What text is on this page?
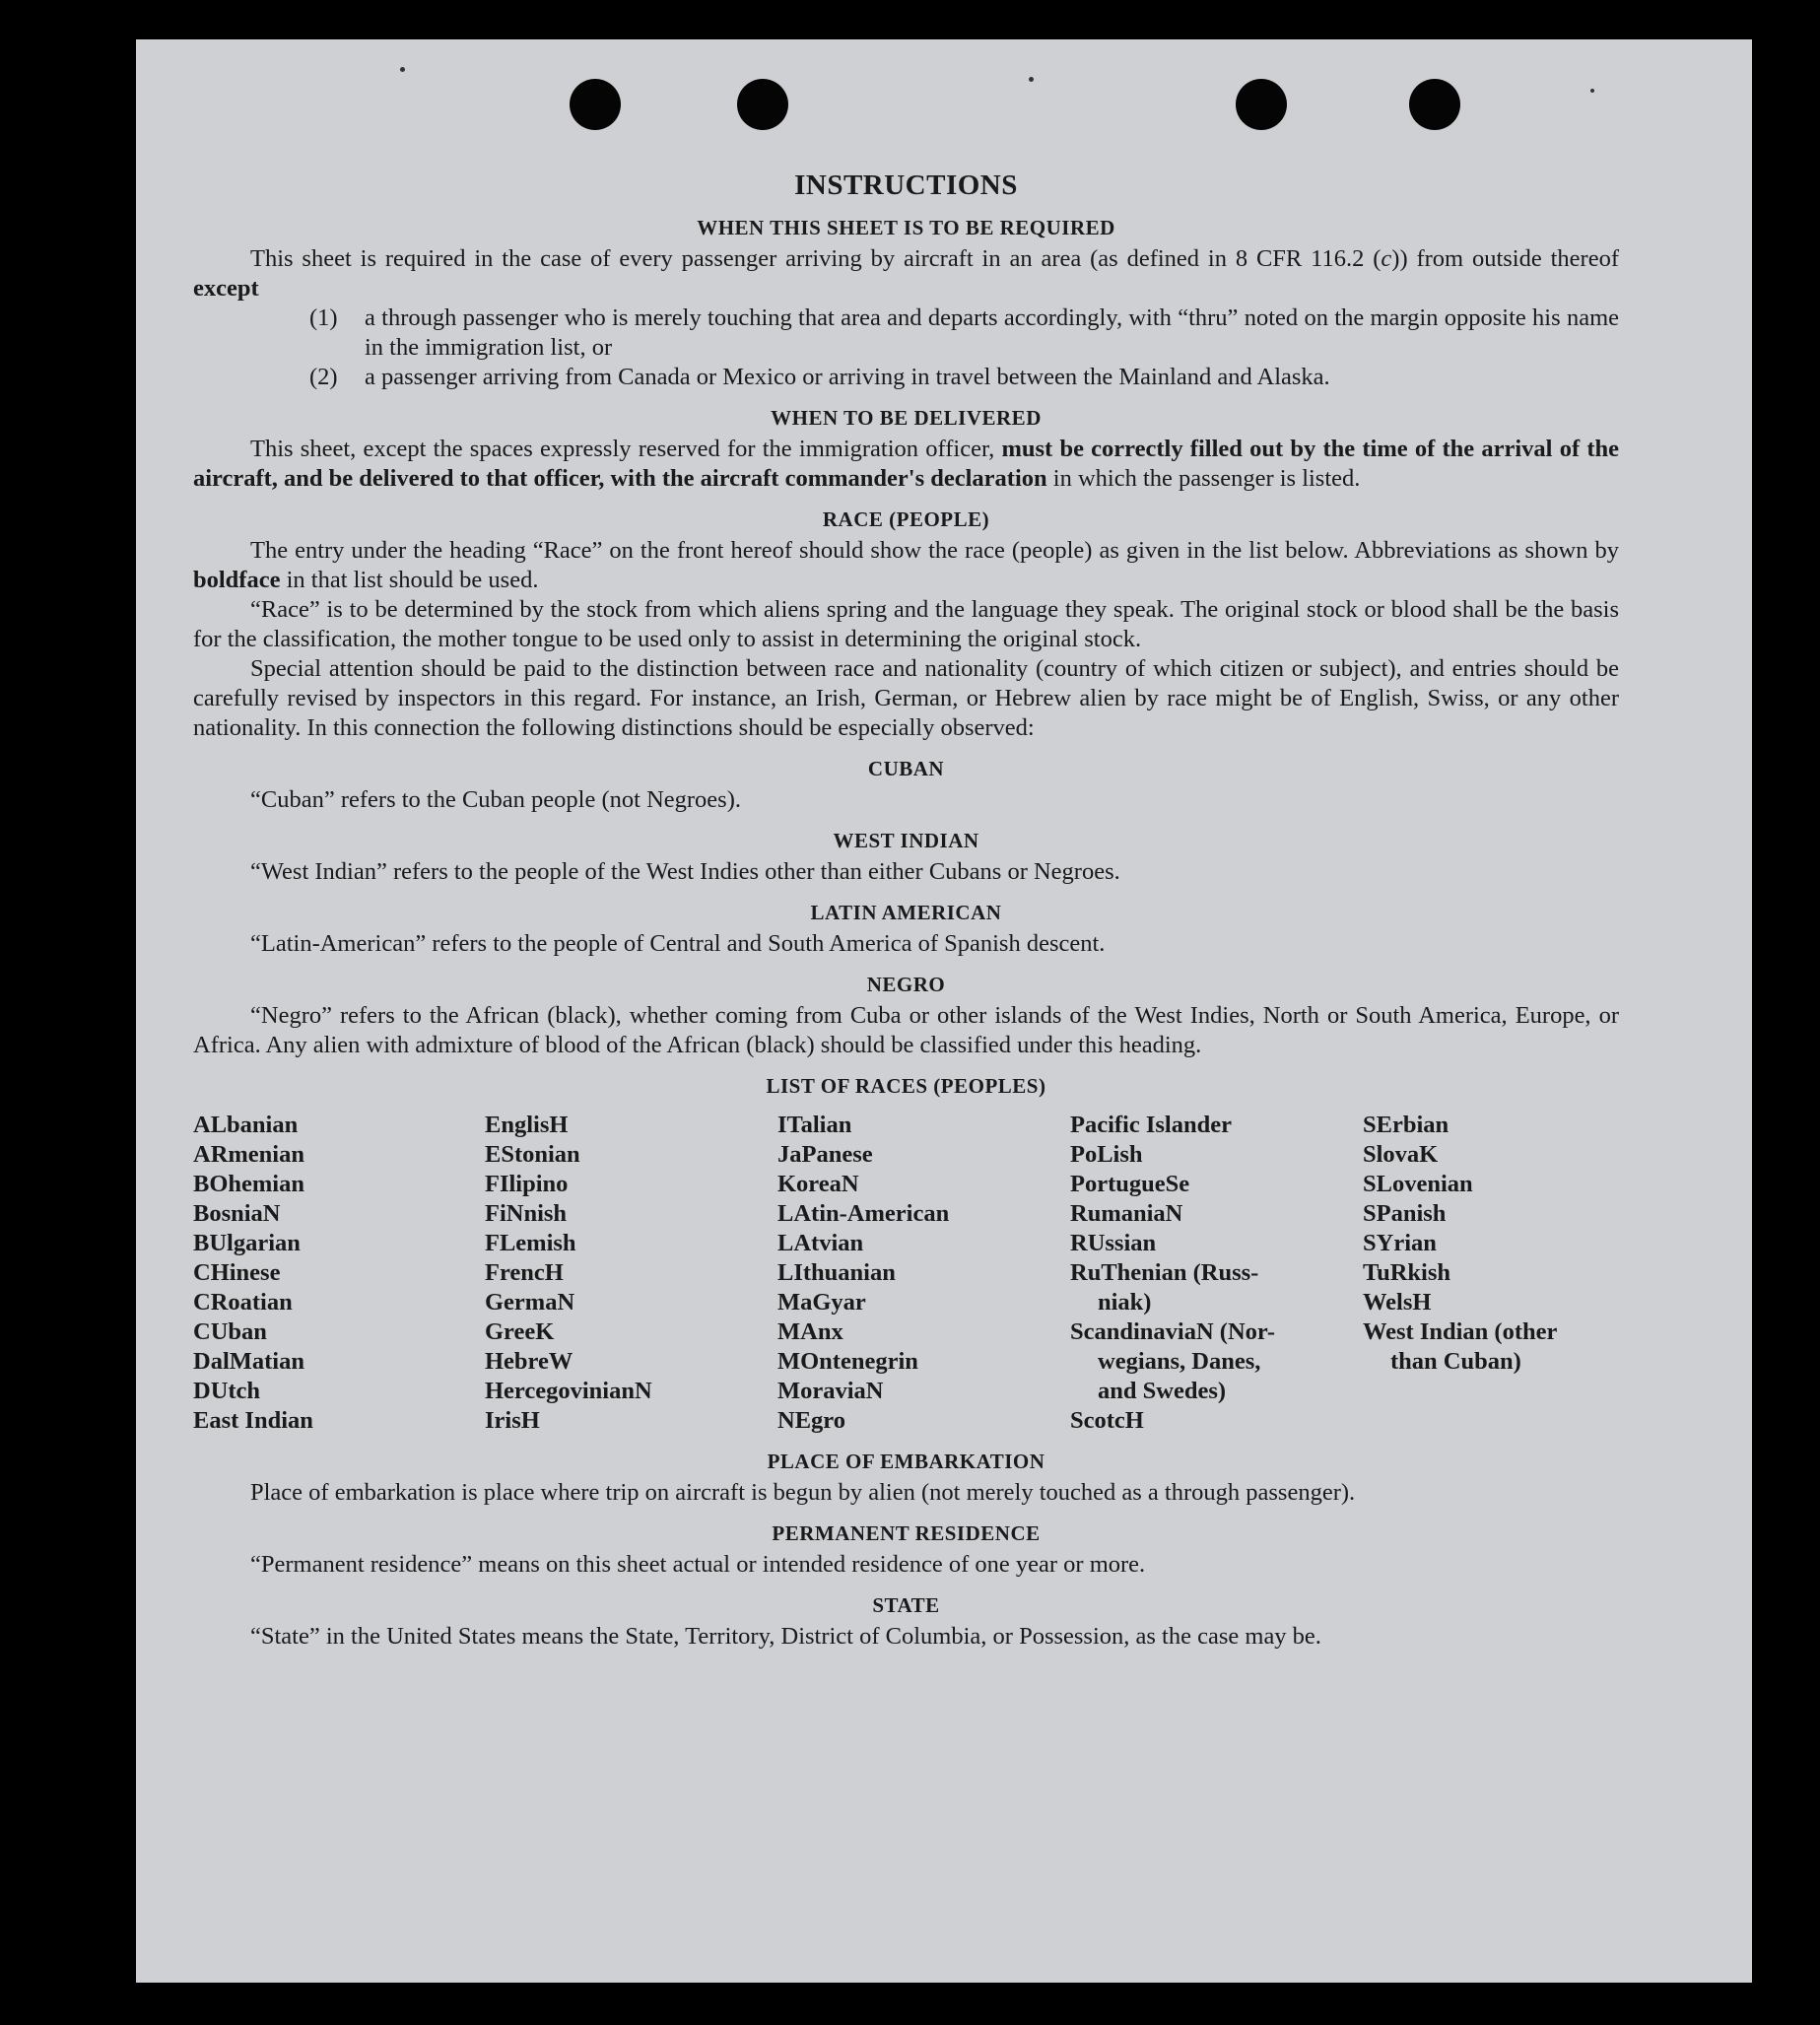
INSTRUCTIONS
WHEN THIS SHEET IS TO BE REQUIRED

This sheet is required in the case of every passenger arriving by aircraft in an area (as defined in 8 CFR 116.2 (c)) from outside thereof except

(1)	a through passenger who is merely touching that area and departs accordingly, with “thru” noted on the margin opposite his name in the immigration list, or
(2)	a passenger arriving from Canada or Mexico or arriving in travel between the Mainland and Alaska.
WHEN TO BE DELIVERED

This sheet, except the spaces expressly reserved for the immigration officer, must be correctly filled out by the time of the arrival of the aircraft, and be delivered to that officer, with the aircraft commander's declaration in which the passenger is listed.

RACE (PEOPLE)

The entry under the heading “Race” on the front hereof should show the race (people) as given in the list below. Abbreviations as shown by boldface in that list should be used.

“Race” is to be determined by the stock from which aliens spring and the language they speak. The original stock or blood shall be the basis for the classification, the mother tongue to be used only to assist in determining the original stock.

Special attention should be paid to the distinction between race and nationality (country of which citizen or subject), and entries should be carefully revised by inspectors in this regard. For instance, an Irish, German, or Hebrew alien by race might be of English, Swiss, or any other nationality. In this connection the following distinctions should be especially observed:

CUBAN

“Cuban” refers to the Cuban people (not Negroes).

WEST INDIAN

“West Indian” refers to the people of the West Indies other than either Cubans or Negroes.

LATIN AMERICAN

“Latin-American” refers to the people of Central and South America of Spanish descent.

NEGRO

“Negro” refers to the African (black), whether coming from Cuba or other islands of the West Indies, North or South America, Europe, or Africa. Any alien with admixture of blood of the African (black) should be classified under this heading.

LIST OF RACES (PEOPLES)
ALbanian
ARmenian
BOhemian
BosniaN
BUlgarian
CHinese
CRoatian
CUban
DalMatian
DUtch
East Indian
EnglisH
EStonian
FIlipino
FiNnish
FLemish
FrencH
GermaN
GreeK
HebreW
HercegovinianN
IrisH
ITalian
JaPanese
KoreaN
LAtin-American
LAtvian
LIthuanian
MaGyar
MAnx
MOntenegrin
MoraviaN
NEgro
Pacific Islander
PoLish
PortugueSe
RumaniaN
RUssian
RuThenian (Russ-
niak)
ScandinaviaN (Nor-
wegians, Danes,
and Swedes)
ScotcH
SErbian
SlovaK
SLovenian
SPanish
SYrian
TuRkish
WelsH
West Indian (other
than Cuban)
PLACE OF EMBARKATION

Place of embarkation is place where trip on aircraft is begun by alien (not merely touched as a through passenger).

PERMANENT RESIDENCE

“Permanent residence” means on this sheet actual or intended residence of one year or more.

STATE

“State” in the United States means the State, Territory, District of Columbia, or Possession, as the case may be.
